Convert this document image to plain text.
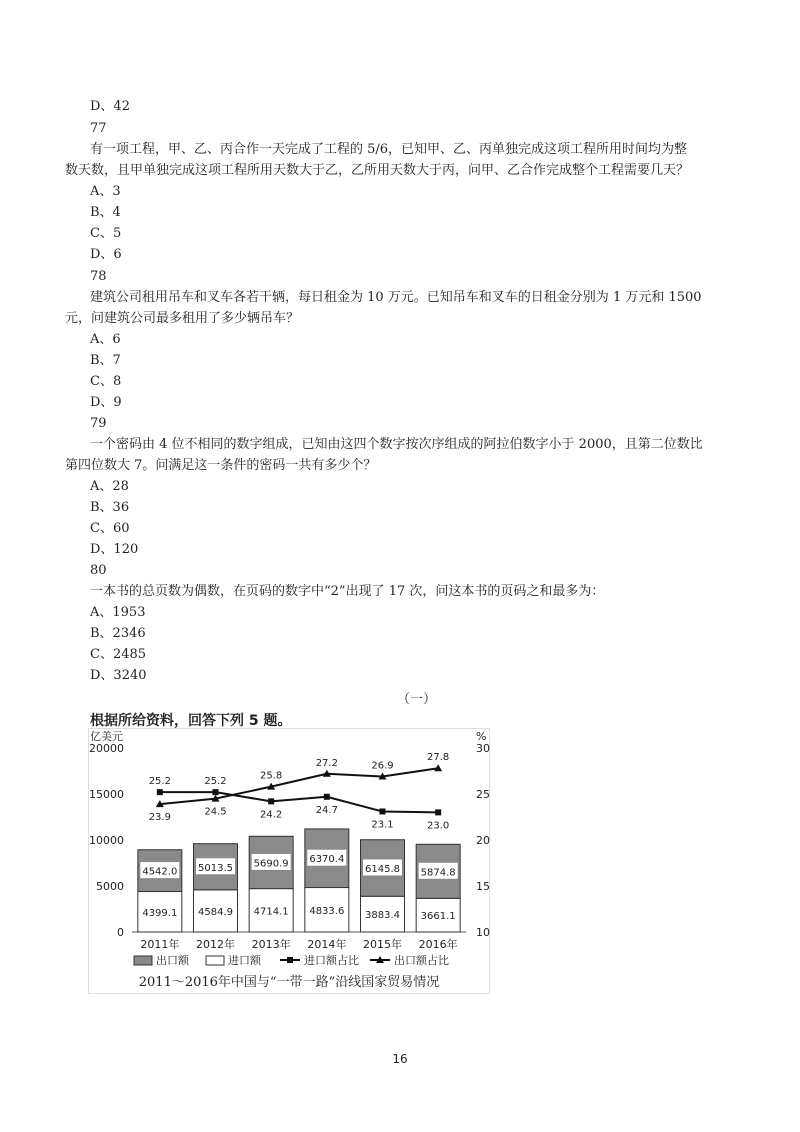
D、42
77
有一项工程，甲、乙、丙合作一天完成了工程的 5/6，已知甲、乙、丙单独完成这项工程所用时间均为整
数天数，且甲单独完成这项工程所用天数大于乙，乙所用天数大于丙，问甲、乙合作完成整个工程需要几天？
A、3
B、4
C、5
D、6
78
建筑公司租用吊车和叉车各若干辆，每日租金为 10 万元。已知吊车和叉车的日租金分别为 1 万元和 1500
元，问建筑公司最多租用了多少辆吊车？
A、6
B、7
C、8
D、9
79
一个密码由 4 位不相同的数字组成，已知由这四个数字按次序组成的阿拉伯数字小于 2000，且第二位数比
第四位数大 7。问满足这一条件的密码一共有多少个？
A、28
B、36
C、60
D、120
80
一本书的总页数为偶数，在页码的数字中“2”出现了 17 次，问这本书的页码之和最多为：
A、1953
B、2346
C、2485
D、3240
（一）
根据所给资料，回答下列 5 题。
亿美元	%
0
5000
10000
15000
20000
10
15
20
25
30
4399.1
4542.0
2011年
4584.9
5013.5
2012年
4714.1
5690.9
2013年
4833.6
6370.4
2014年
3883.4
6145.8
2015年
3661.1
5874.8
2016年
25.2
23.9
25.2
24.5	24.2
25.8
24.7
27.2
23.1
26.9
23.0
27.8
出口额	进口额	进口额占比	出口额占比
2011～2016年中国与“一带一路”沿线国家贸易情况
16
